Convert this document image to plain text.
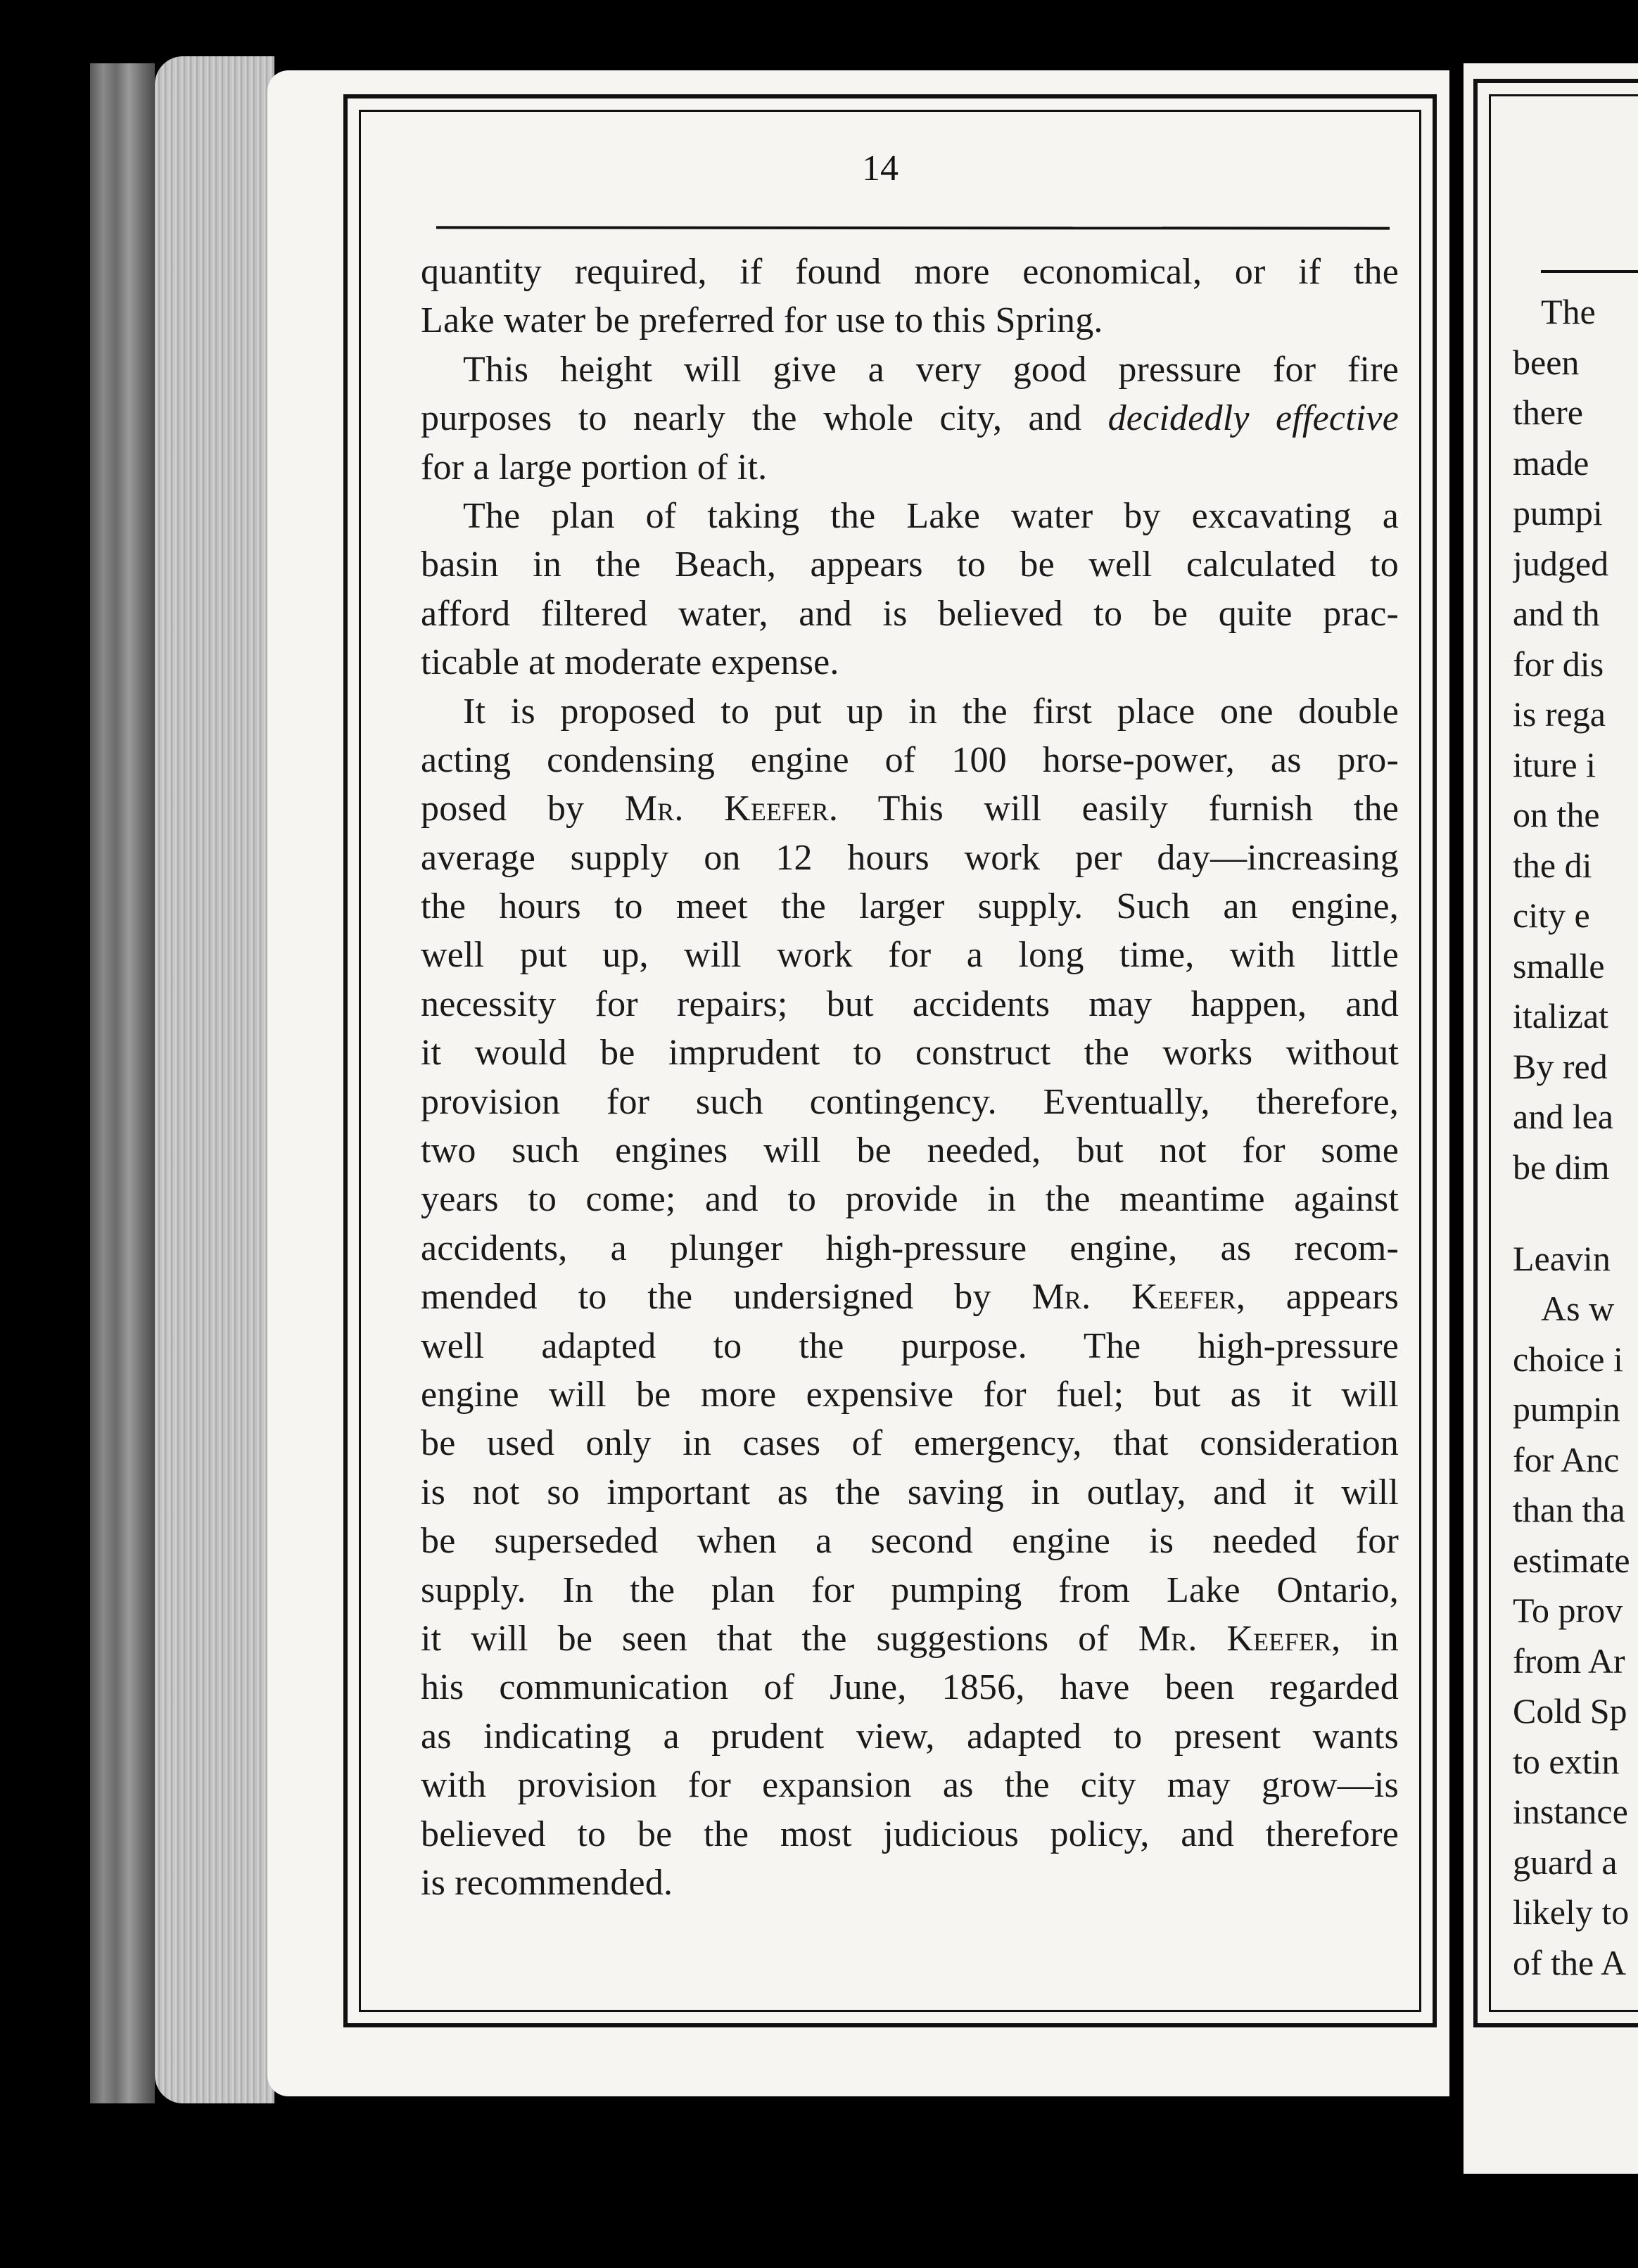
14
quantity required, if found more economical, or if the
Lake water be preferred for use to this Spring.
This height will give a very good pressure for fire
purposes to nearly the whole city, and decidedly effective
for a large portion of it.
The plan of taking the Lake water by excavating a
basin in the Beach, appears to be well calculated to
afford filtered water, and is believed to be quite prac-
ticable at moderate expense.
It is proposed to put up in the first place one double
acting condensing engine of 100 horse-power, as pro-
posed by Mr. Keefer. This will easily furnish the
average supply on 12 hours work per day—increasing
the hours to meet the larger supply. Such an engine,
well put up, will work for a long time, with little
necessity for repairs; but accidents may happen, and
it would be imprudent to construct the works without
provision for such contingency. Eventually, therefore,
two such engines will be needed, but not for some
years to come; and to provide in the meantime against
accidents, a plunger high-pressure engine, as recom-
mended to the undersigned by Mr. Keefer, appears
well adapted to the purpose. The high-pressure
engine will be more expensive for fuel; but as it will
be used only in cases of emergency, that consideration
is not so important as the saving in outlay, and it will
be superseded when a second engine is needed for
supply. In the plan for pumping from Lake Ontario,
it will be seen that the suggestions of Mr. Keefer, in
his communication of June, 1856, have been regarded
as indicating a prudent view, adapted to present wants
with provision for expansion as the city may grow—is
believed to be the most judicious policy, and therefore
is recommended.
The
been
there
made
pumpi
judged
and th
for dis
is rega
iture i
on the
the di
city e
smalle
italizat
By red
and lea
be dim
Leavin
As w
choice i
pumpin
for Anc
than tha
estimate
To prov
from Ar
Cold Sp
to extin
instance
guard a
likely to
of the A
